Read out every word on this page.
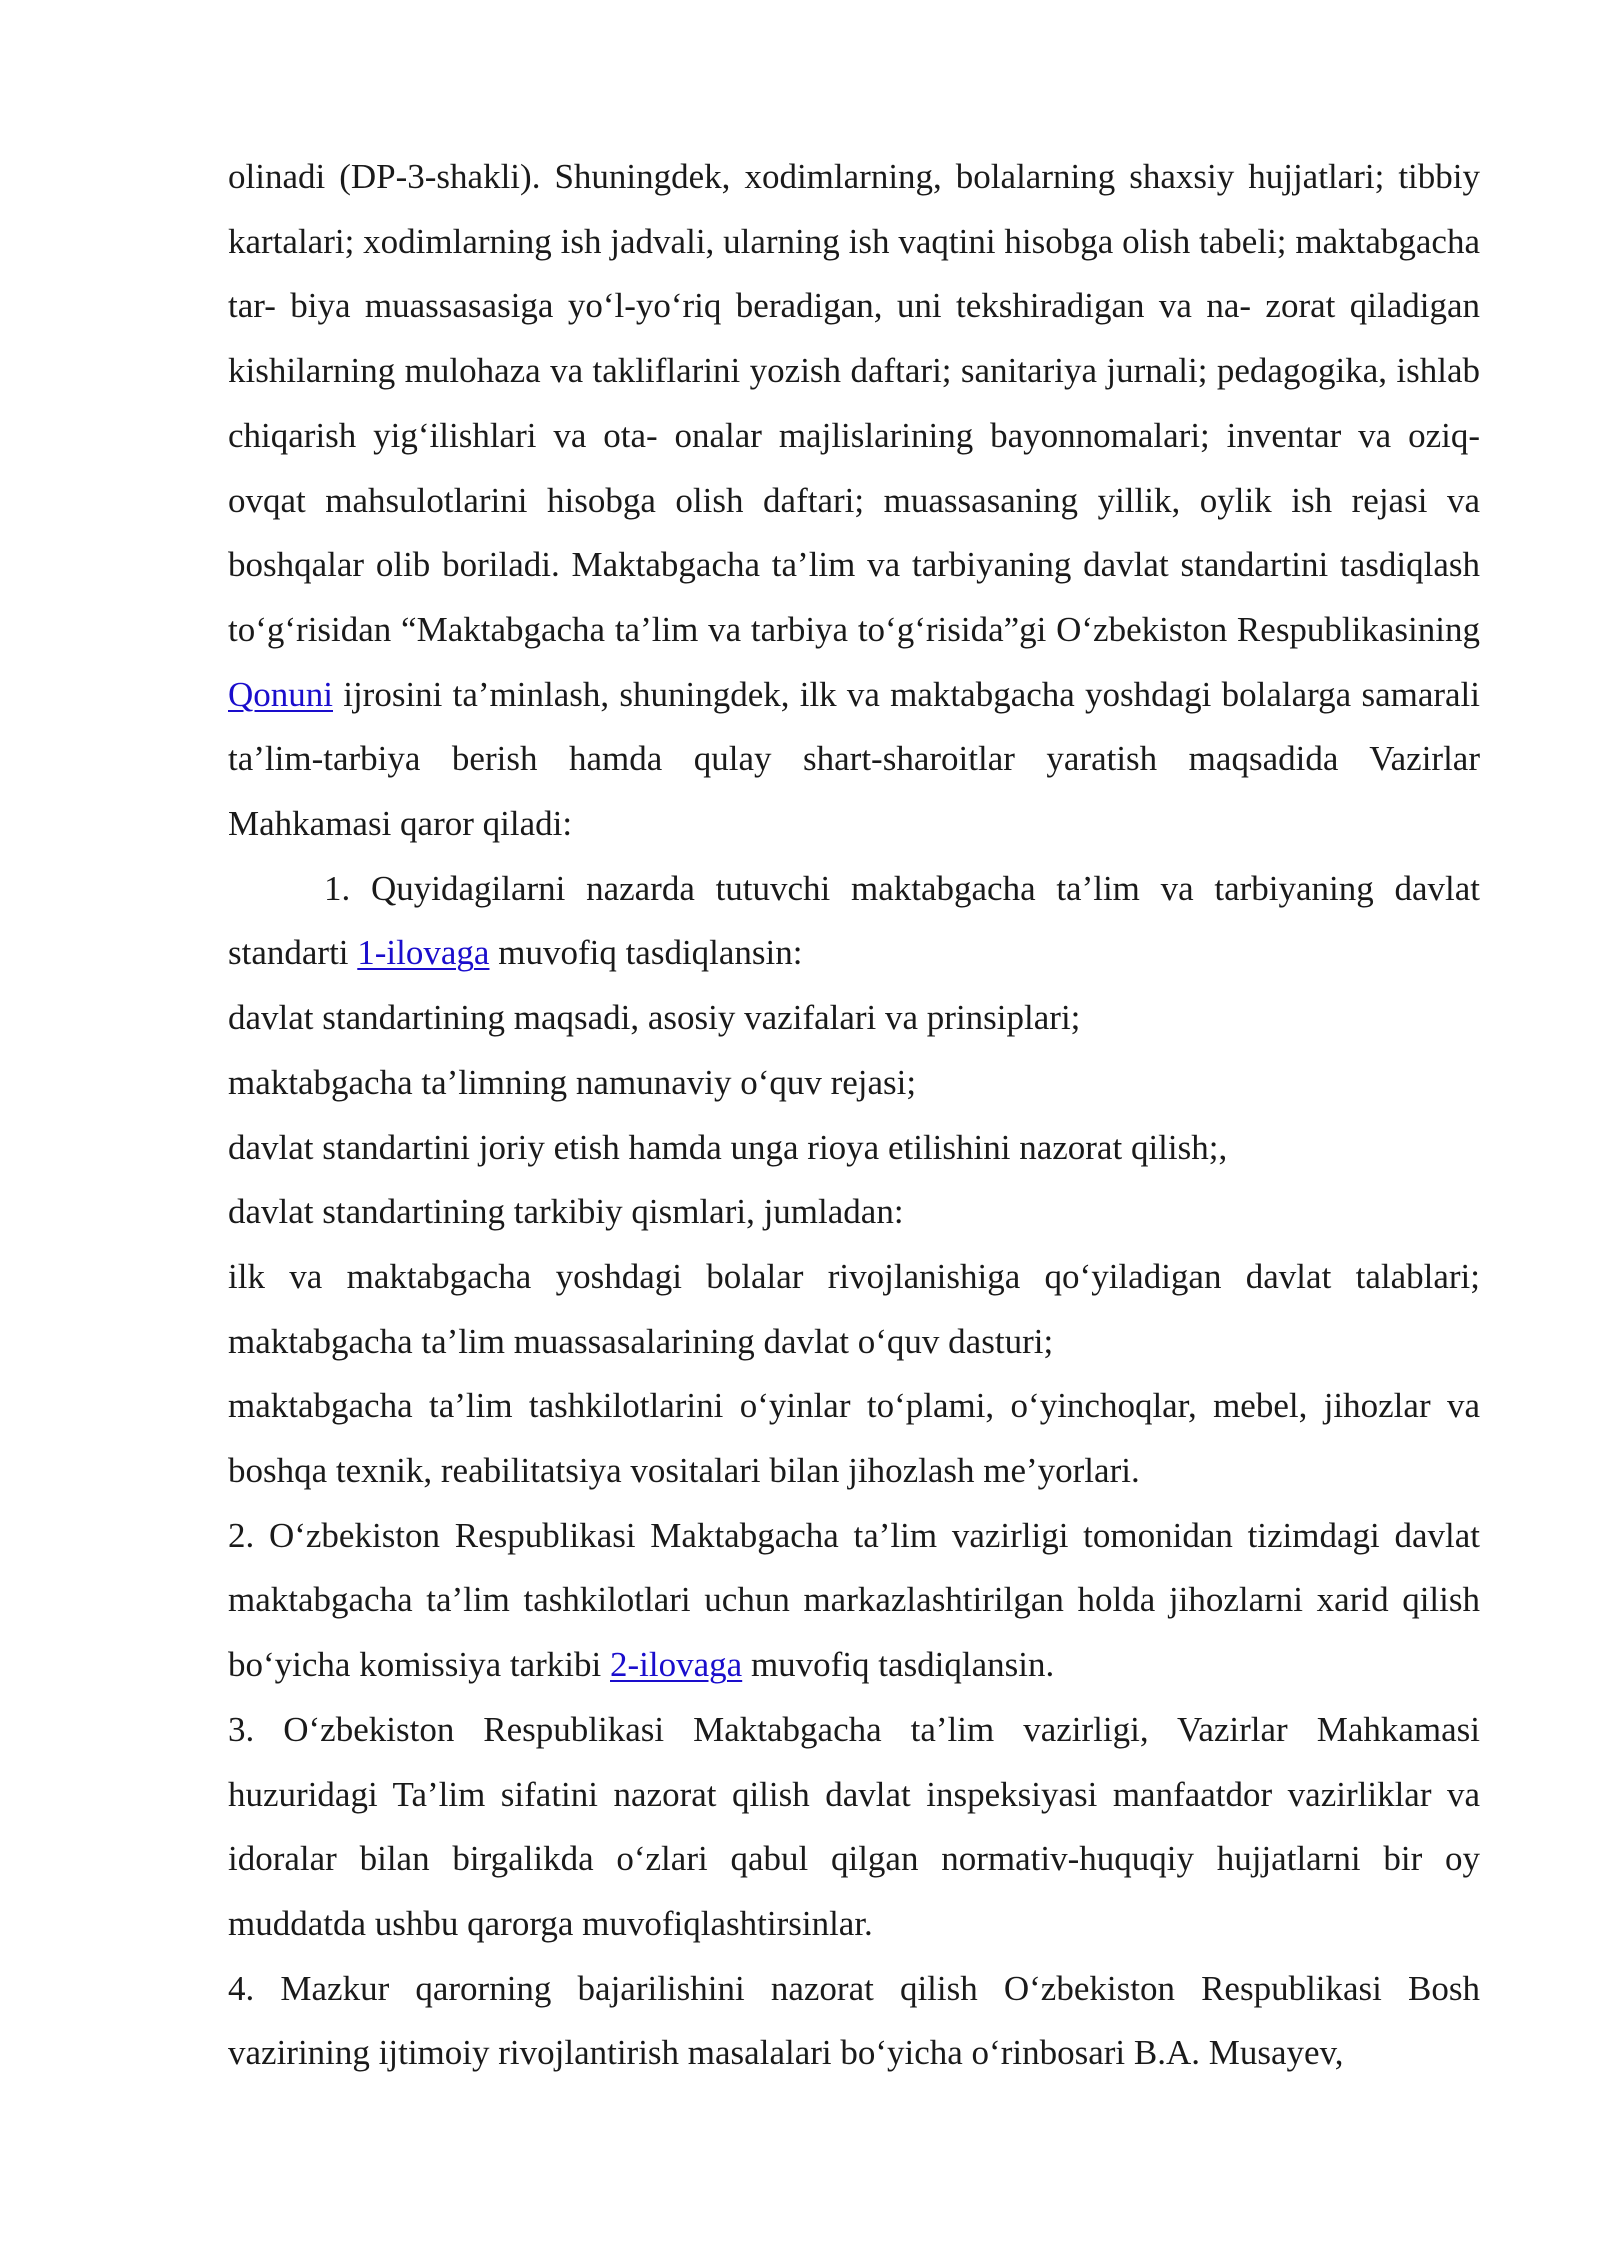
olinadi (DP-3-shakli). Shuningdek, xodimlarning, bolalarning shaxsiy hujjatlari; tibbiy kartalari; xodimlarning ish jadvali, ularning ish vaqtini hisobga olish tabeli; maktabgacha tar- biya muassasasiga yo‘l-yo‘riq beradigan, uni tekshiradigan va na- zorat qiladigan kishilarning mulohaza va takliflarini yozish daftari; sanitariya jurnali; pedagogika, ishlab chiqarish yig‘ilishlari va ota- onalar majlislarining bayonnomalari; inventar va oziq-ovqat mahsulotlarini hisobga olish daftari; muassasaning yillik, oylik ish rejasi va boshqalar olib boriladi. Maktabgacha ta’lim va tarbiyaning davlat standartini tasdiqlash to‘g‘risidan “Maktabgacha ta’lim va tarbiya to‘g‘risida”gi O‘zbekiston Respublikasining Qonuni ijrosini ta’minlash, shuningdek, ilk va maktabgacha yoshdagi bolalarga samarali ta’lim-tarbiya berish hamda qulay shart-sharoitlar yaratish maqsadida Vazirlar Mahkamasi qaror qiladi:

1. Quyidagilarni nazarda tutuvchi maktabgacha ta’lim va tarbiyaning davlat standarti 1-ilovaga muvofiq tasdiqlansin:

davlat standartining maqsadi, asosiy vazifalari va prinsiplari;

maktabgacha ta’limning namunaviy o‘quv rejasi;

davlat standartini joriy etish hamda unga rioya etilishini nazorat qilish;,

davlat standartining tarkibiy qismlari, jumladan:

ilk va maktabgacha yoshdagi bolalar rivojlanishiga qo‘yiladigan davlat talablari; maktabgacha ta’lim muassasalarining davlat o‘quv dasturi;

maktabgacha ta’lim tashkilotlarini o‘yinlar to‘plami, o‘yinchoqlar, mebel, jihozlar va boshqa texnik, reabilitatsiya vositalari bilan jihozlash me’yorlari.

2. O‘zbekiston Respublikasi Maktabgacha ta’lim vazirligi tomonidan tizimdagi davlat maktabgacha ta’lim tashkilotlari uchun markazlashtirilgan holda jihozlarni xarid qilish bo‘yicha komissiya tarkibi 2-ilovaga muvofiq tasdiqlansin.

3. O‘zbekiston Respublikasi Maktabgacha ta’lim vazirligi, Vazirlar Mahkamasi huzuridagi Ta’lim sifatini nazorat qilish davlat inspeksiyasi manfaatdor vazirliklar va idoralar bilan birgalikda o‘zlari qabul qilgan normativ-huquqiy hujjatlarni bir oy muddatda ushbu qarorga muvofiqlashtirsinlar.

4. Mazkur qarorning bajarilishini nazorat qilish O‘zbekiston Respublikasi Bosh vazirining ijtimoiy rivojlantirish masalalari bo‘yicha o‘rinbosari B.A. Musayev,
